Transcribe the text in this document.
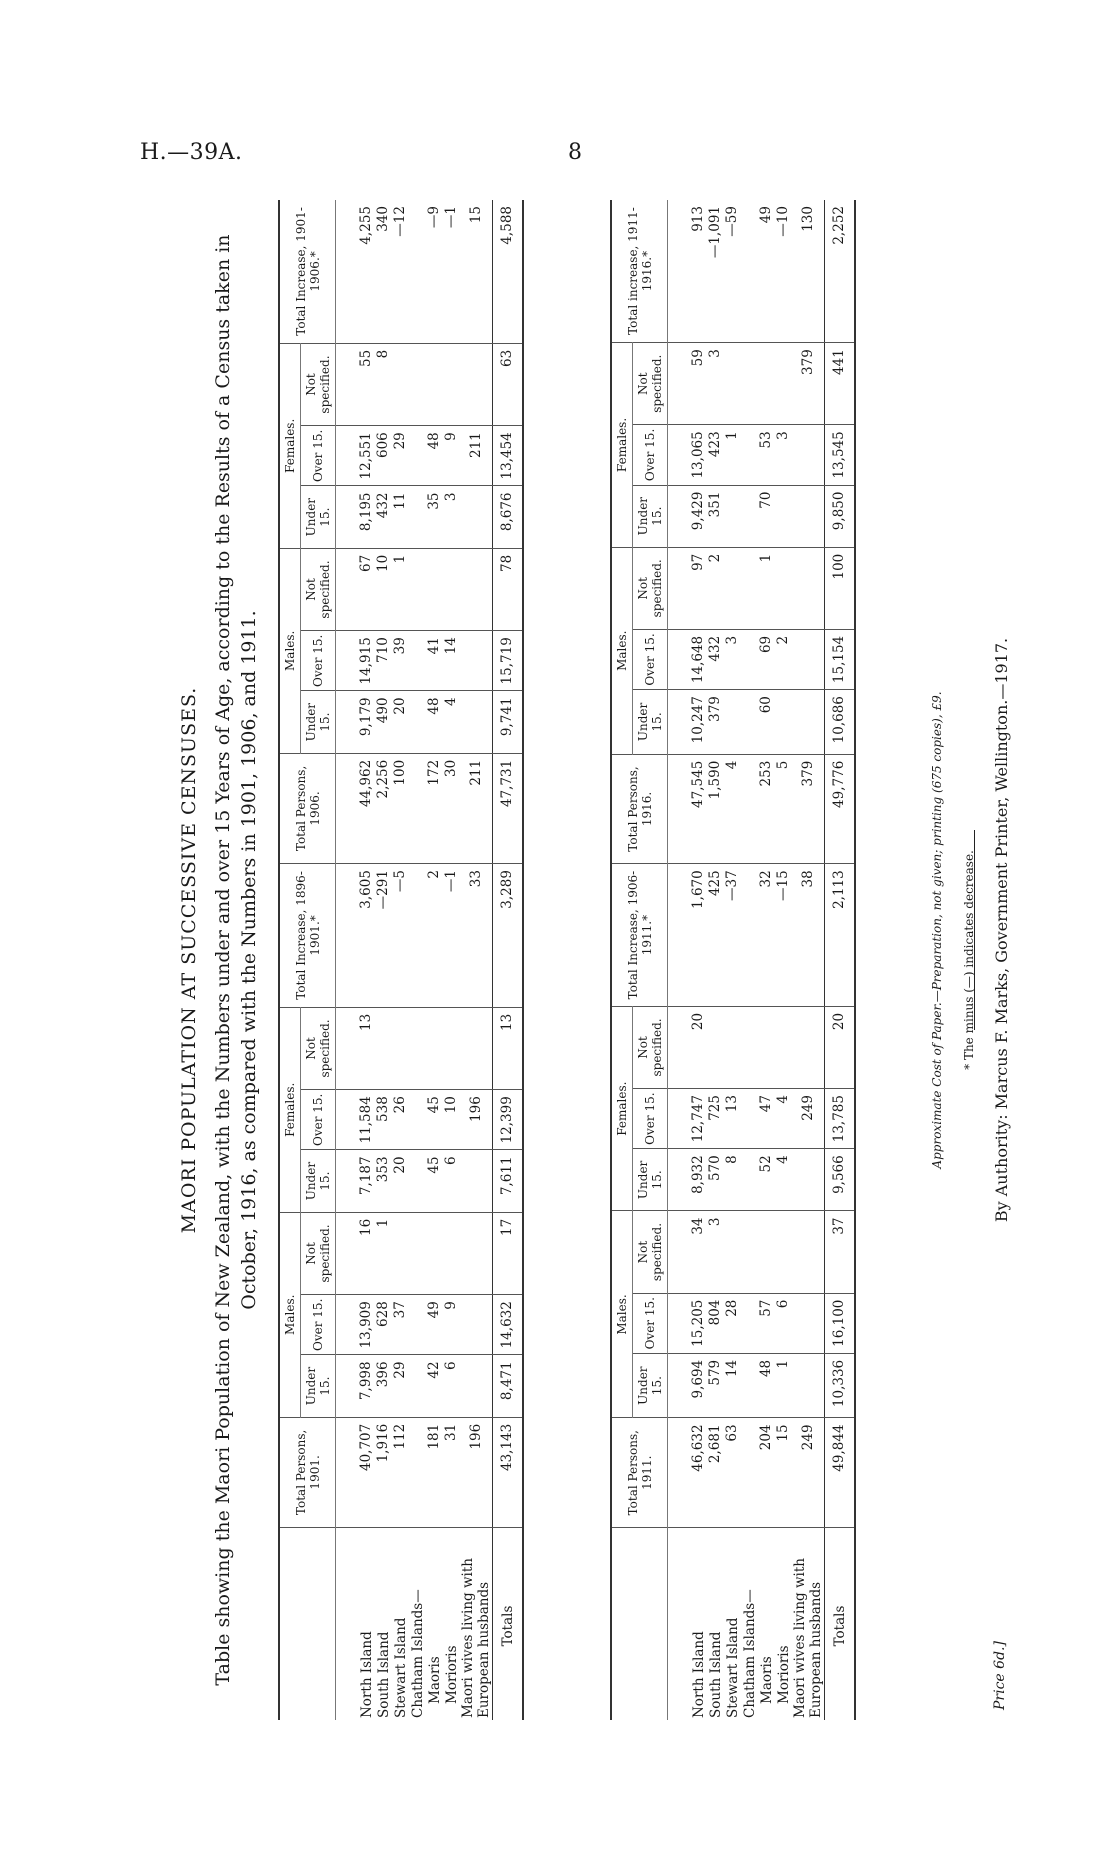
H.—39A.	8
MAORI POPULATION AT SUCCESSIVE CENSUSES. Table showing the Maori Population of New Zealand, with the Numbers under and over 15 Years of Age, according to the Results of a Census taken in October, 1916, as compared with the Numbers in 1901, 1906, and 1911.
	Total Persons, 1901.	Males.			Females.			Total Increase, 1896-1901.*	Total Persons, 1906.	Males.			Females.			Total Increase, 1901-1906.*
		Under 15.	Over 15.	Not specified.	Under 15.	Over 15.	Not specified.			Under 15.	Over 15.	Not specified.	Under 15.	Over 15.	Not specified.	
North Island	40,707	7,998	13,909	16	7,187	11,584	13	3,605	44,962	9,179	14,915	67	8,195	12,551	55	4,255
South Island	1,916	396	628	1	353	538		—291	2,256	490	710	10	432	606	8	340
Stewart Island	112	29	37		20	26		—5	100	20	39	1	11	29		—12
Chatham Islands—																
Maoris	181	42	49		45	45		2	172	48	41		35	48		—9
Morioris	31	6	9		6	10		—1	30	4	14		3	9		—1
Maori wives living with European husbands	196					196		33	211					211		15
Totals	43,143	8,471	14,632	17	7,611	12,399	13	3,289	47,731	9,741	15,719	78	8,676	13,454	63	4,588
	Total Persons, 1911.	Males.			Females.			Total Increase, 1906-1911.*	Total Persons, 1916.	Males.			Females.			Total increase, 1911-1916.*
		Under 15.	Over 15.	Not specified.	Under 15.	Over 15.	Not specified.			Under 15.	Over 15.	Not specified.	Under 15.	Over 15.	Not specified.	
North Island	46,632	9,694	15,205	34	8,932	12,747	20	1,670	47,545	10,247	14,648	97	9,429	13,065	59	913
South Island	2,681	579	804	3	570	725		425	1,590	379	432	2	351	423	3	—1,091
Stewart Island	63	14	28		8	13		—37	4		3			1		—59
Chatham Islands—																
Maoris	204	48	57		52	47		32	253	60	69	1	70	53		49
Morioris	15	1	6		4	4		—15	5		2			3		—10
Maori wives living with European husbands	249					249		38	379						379	130
Totals	49,844	10,336	16,100	37	9,566	13,785	20	2,113	49,776	10,686	15,154	100	9,850	13,545	441	2,252
* The minus (—) indicates decrease.
Approximate Cost of Paper.—Preparation, not given; printing (675 copies), £9.
Price 6d.]
By Authority: Marcus F. Marks, Government Printer, Wellington.—1917.
